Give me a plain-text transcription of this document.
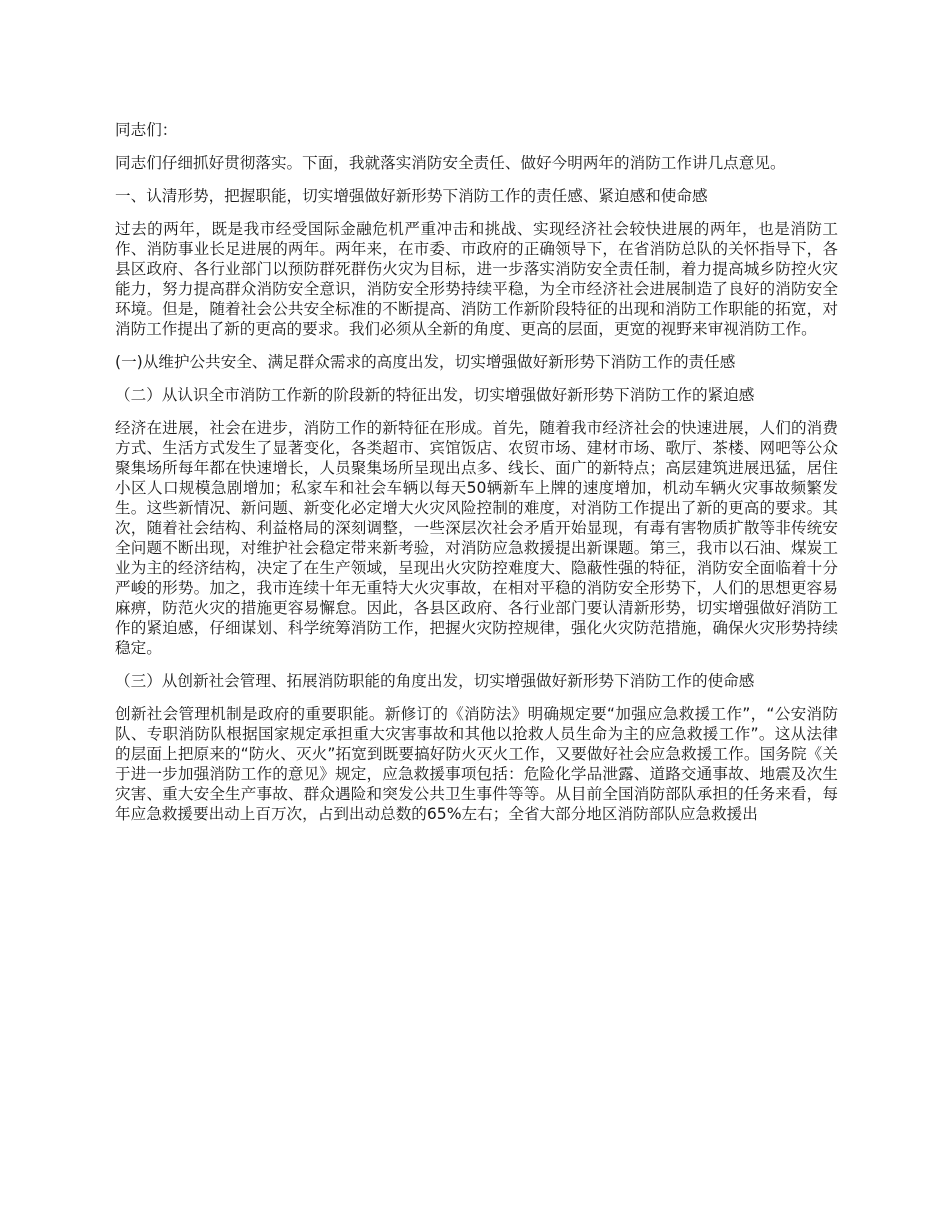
同志们：

同志们仔细抓好贯彻落实。下面，我就落实消防安全责任、做好今明两年的消防工作讲几点意见。

一、认清形势，把握职能，切实增强做好新形势下消防工作的责任感、紧迫感和使命感

过去的两年，既是我市经受国际金融危机严重冲击和挑战、实现经济社会较快进展的两年，也是消防工作、消防事业长足进展的两年。两年来，在市委、市政府的正确领导下，在省消防总队的关怀指导下，各县区政府、各行业部门以预防群死群伤火灾为目标，进一步落实消防安全责任制，着力提高城乡防控火灾能力，努力提高群众消防安全意识，消防安全形势持续平稳，为全市经济社会进展制造了良好的消防安全环境。但是，随着社会公共安全标准的不断提高、消防工作新阶段特征的出现和消防工作职能的拓宽，对消防工作提出了新的更高的要求。我们必须从全新的角度、更高的层面，更宽的视野来审视消防工作。

(一)从维护公共安全、满足群众需求的高度出发，切实增强做好新形势下消防工作的责任感

（二）从认识全市消防工作新的阶段新的特征出发，切实增强做好新形势下消防工作的紧迫感

经济在进展，社会在进步，消防工作的新特征在形成。首先，随着我市经济社会的快速进展，人们的消费方式、生活方式发生了显著变化，各类超市、宾馆饭店、农贸市场、建材市场、歌厅、茶楼、网吧等公众聚集场所每年都在快速增长，人员聚集场所呈现出点多、线长、面广的新特点；高层建筑进展迅猛，居住小区人口规模急剧增加；私家车和社会车辆以每天50辆新车上牌的速度增加，机动车辆火灾事故频繁发生。这些新情况、新问题、新变化必定增大火灾风险控制的难度，对消防工作提出了新的更高的要求。其次，随着社会结构、利益格局的深刻调整，一些深层次社会矛盾开始显现，有毒有害物质扩散等非传统安全问题不断出现，对维护社会稳定带来新考验，对消防应急救援提出新课题。第三，我市以石油、煤炭工业为主的经济结构，决定了在生产领域，呈现出火灾防控难度大、隐蔽性强的特征，消防安全面临着十分严峻的形势。加之，我市连续十年无重特大火灾事故，在相对平稳的消防安全形势下，人们的思想更容易麻痹，防范火灾的措施更容易懈怠。因此，各县区政府、各行业部门要认清新形势，切实增强做好消防工作的紧迫感，仔细谋划、科学统筹消防工作，把握火灾防控规律，强化火灾防范措施，确保火灾形势持续稳定。

（三）从创新社会管理、拓展消防职能的角度出发，切实增强做好新形势下消防工作的使命感

创新社会管理机制是政府的重要职能。新修订的《消防法》明确规定要“加强应急救援工作”，“公安消防队、专职消防队根据国家规定承担重大灾害事故和其他以抢救人员生命为主的应急救援工作”。这从法律的层面上把原来的“防火、灭火”拓宽到既要搞好防火灭火工作，又要做好社会应急救援工作。国务院《关于进一步加强消防工作的意见》规定，应急救援事项包括：危险化学品泄露、道路交通事故、地震及次生灾害、重大安全生产事故、群众遇险和突发公共卫生事件等等。从目前全国消防部队承担的任务来看，每年应急救援要出动上百万次，占到出动总数的65%左右；全省大部分地区消防部队应急救援出
